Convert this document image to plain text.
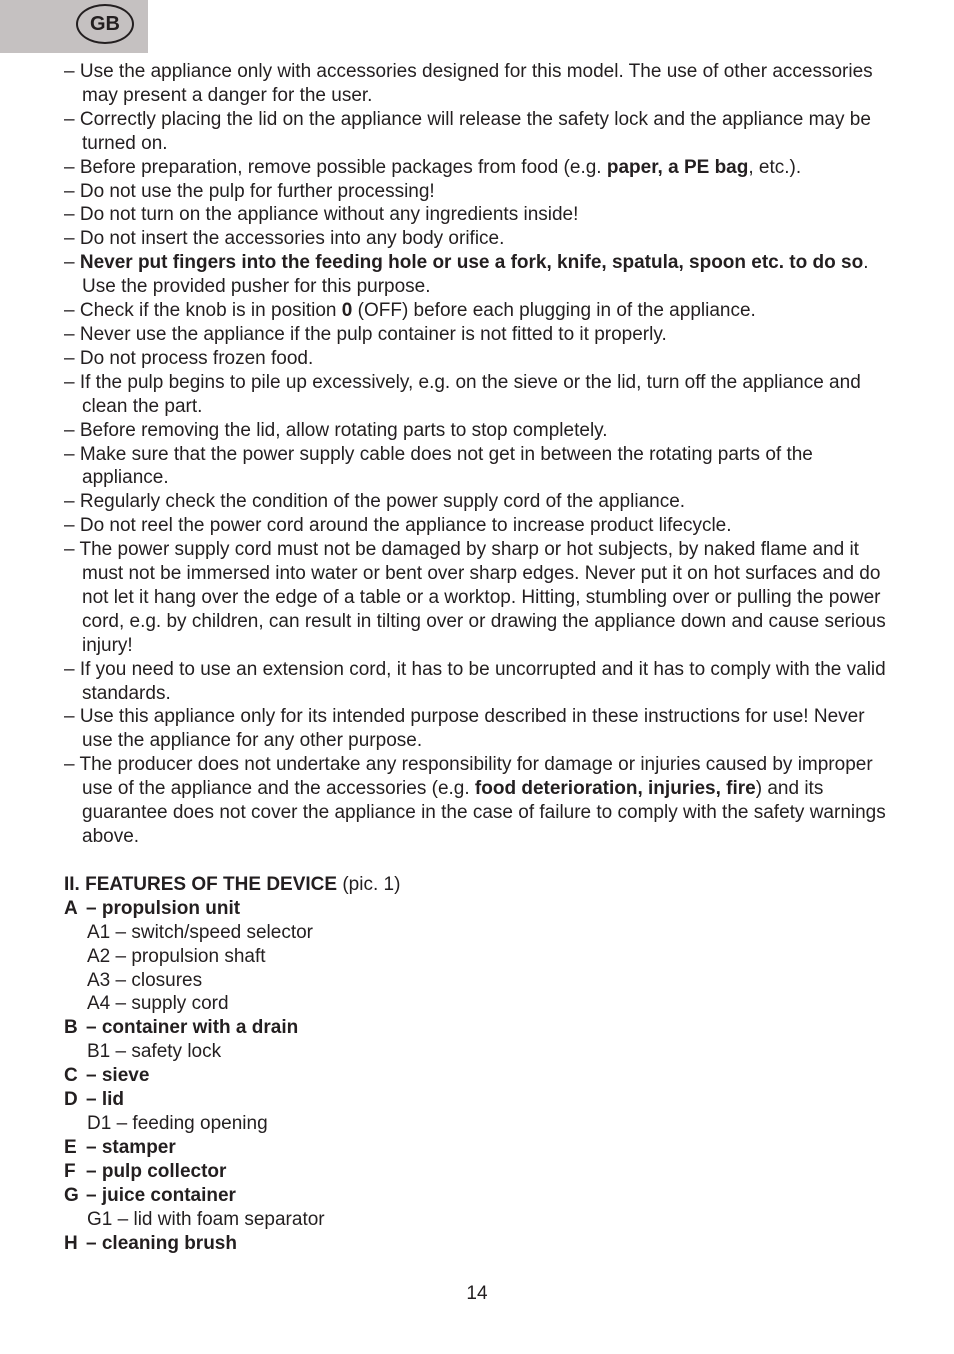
GB
– Use the appliance only with accessories designed for this model. The use of other accessories may present a danger for the user.
– Correctly placing the lid on the appliance will release the safety lock and the appliance may be turned on.
– Before preparation, remove possible packages from food (e.g. paper, a PE bag, etc.).
– Do not use the pulp for further processing!
– Do not turn on the appliance without any ingredients inside!
– Do not insert the accessories into any body orifice.
– Never put fingers into the feeding hole or use a fork, knife, spatula, spoon etc. to do so. Use the provided pusher for this purpose.
– Check if the knob is in position 0 (OFF) before each plugging in of the appliance.
– Never use the appliance if the pulp container is not fitted to it properly.
– Do not process frozen food.
– If the pulp begins to pile up excessively, e.g. on the sieve or the lid, turn off the appliance and clean the part.
– Before removing the lid, allow rotating parts to stop completely.
– Make sure that the power supply cable does not get in between the rotating parts of the appliance.
– Regularly check the condition of the power supply cord of the appliance.
– Do not reel the power cord around the appliance to increase product lifecycle.
– The power supply cord must not be damaged by sharp or hot subjects, by naked flame and it must not be immersed into water or bent over sharp edges. Never put it on hot surfaces and do not let it hang over the edge of a table or a worktop. Hitting, stumbling over or pulling the power cord, e.g. by children, can result in tilting over or drawing the appliance down and cause serious injury!
– If you need to use an extension cord, it has to be uncorrupted and it has to comply with the valid standards.
– Use this appliance only for its intended purpose described in these instructions for use! Never use the appliance for any other purpose.
– The producer does not undertake any responsibility for damage or injuries caused by improper use of the appliance and the accessories (e.g. food deterioration, injuries, fire) and its guarantee does not cover the appliance in the case of failure to comply with the safety warnings above.
II. FEATURES OF THE DEVICE (pic. 1)
A – propulsion unit
A1 – switch/speed selector
A2 – propulsion shaft
A3 – closures
A4 – supply cord
B – container with a drain
B1 – safety lock
C – sieve
D – lid
D1 – feeding opening
E – stamper
F – pulp collector
G – juice container
G1 – lid with foam separator
H – cleaning brush
14
